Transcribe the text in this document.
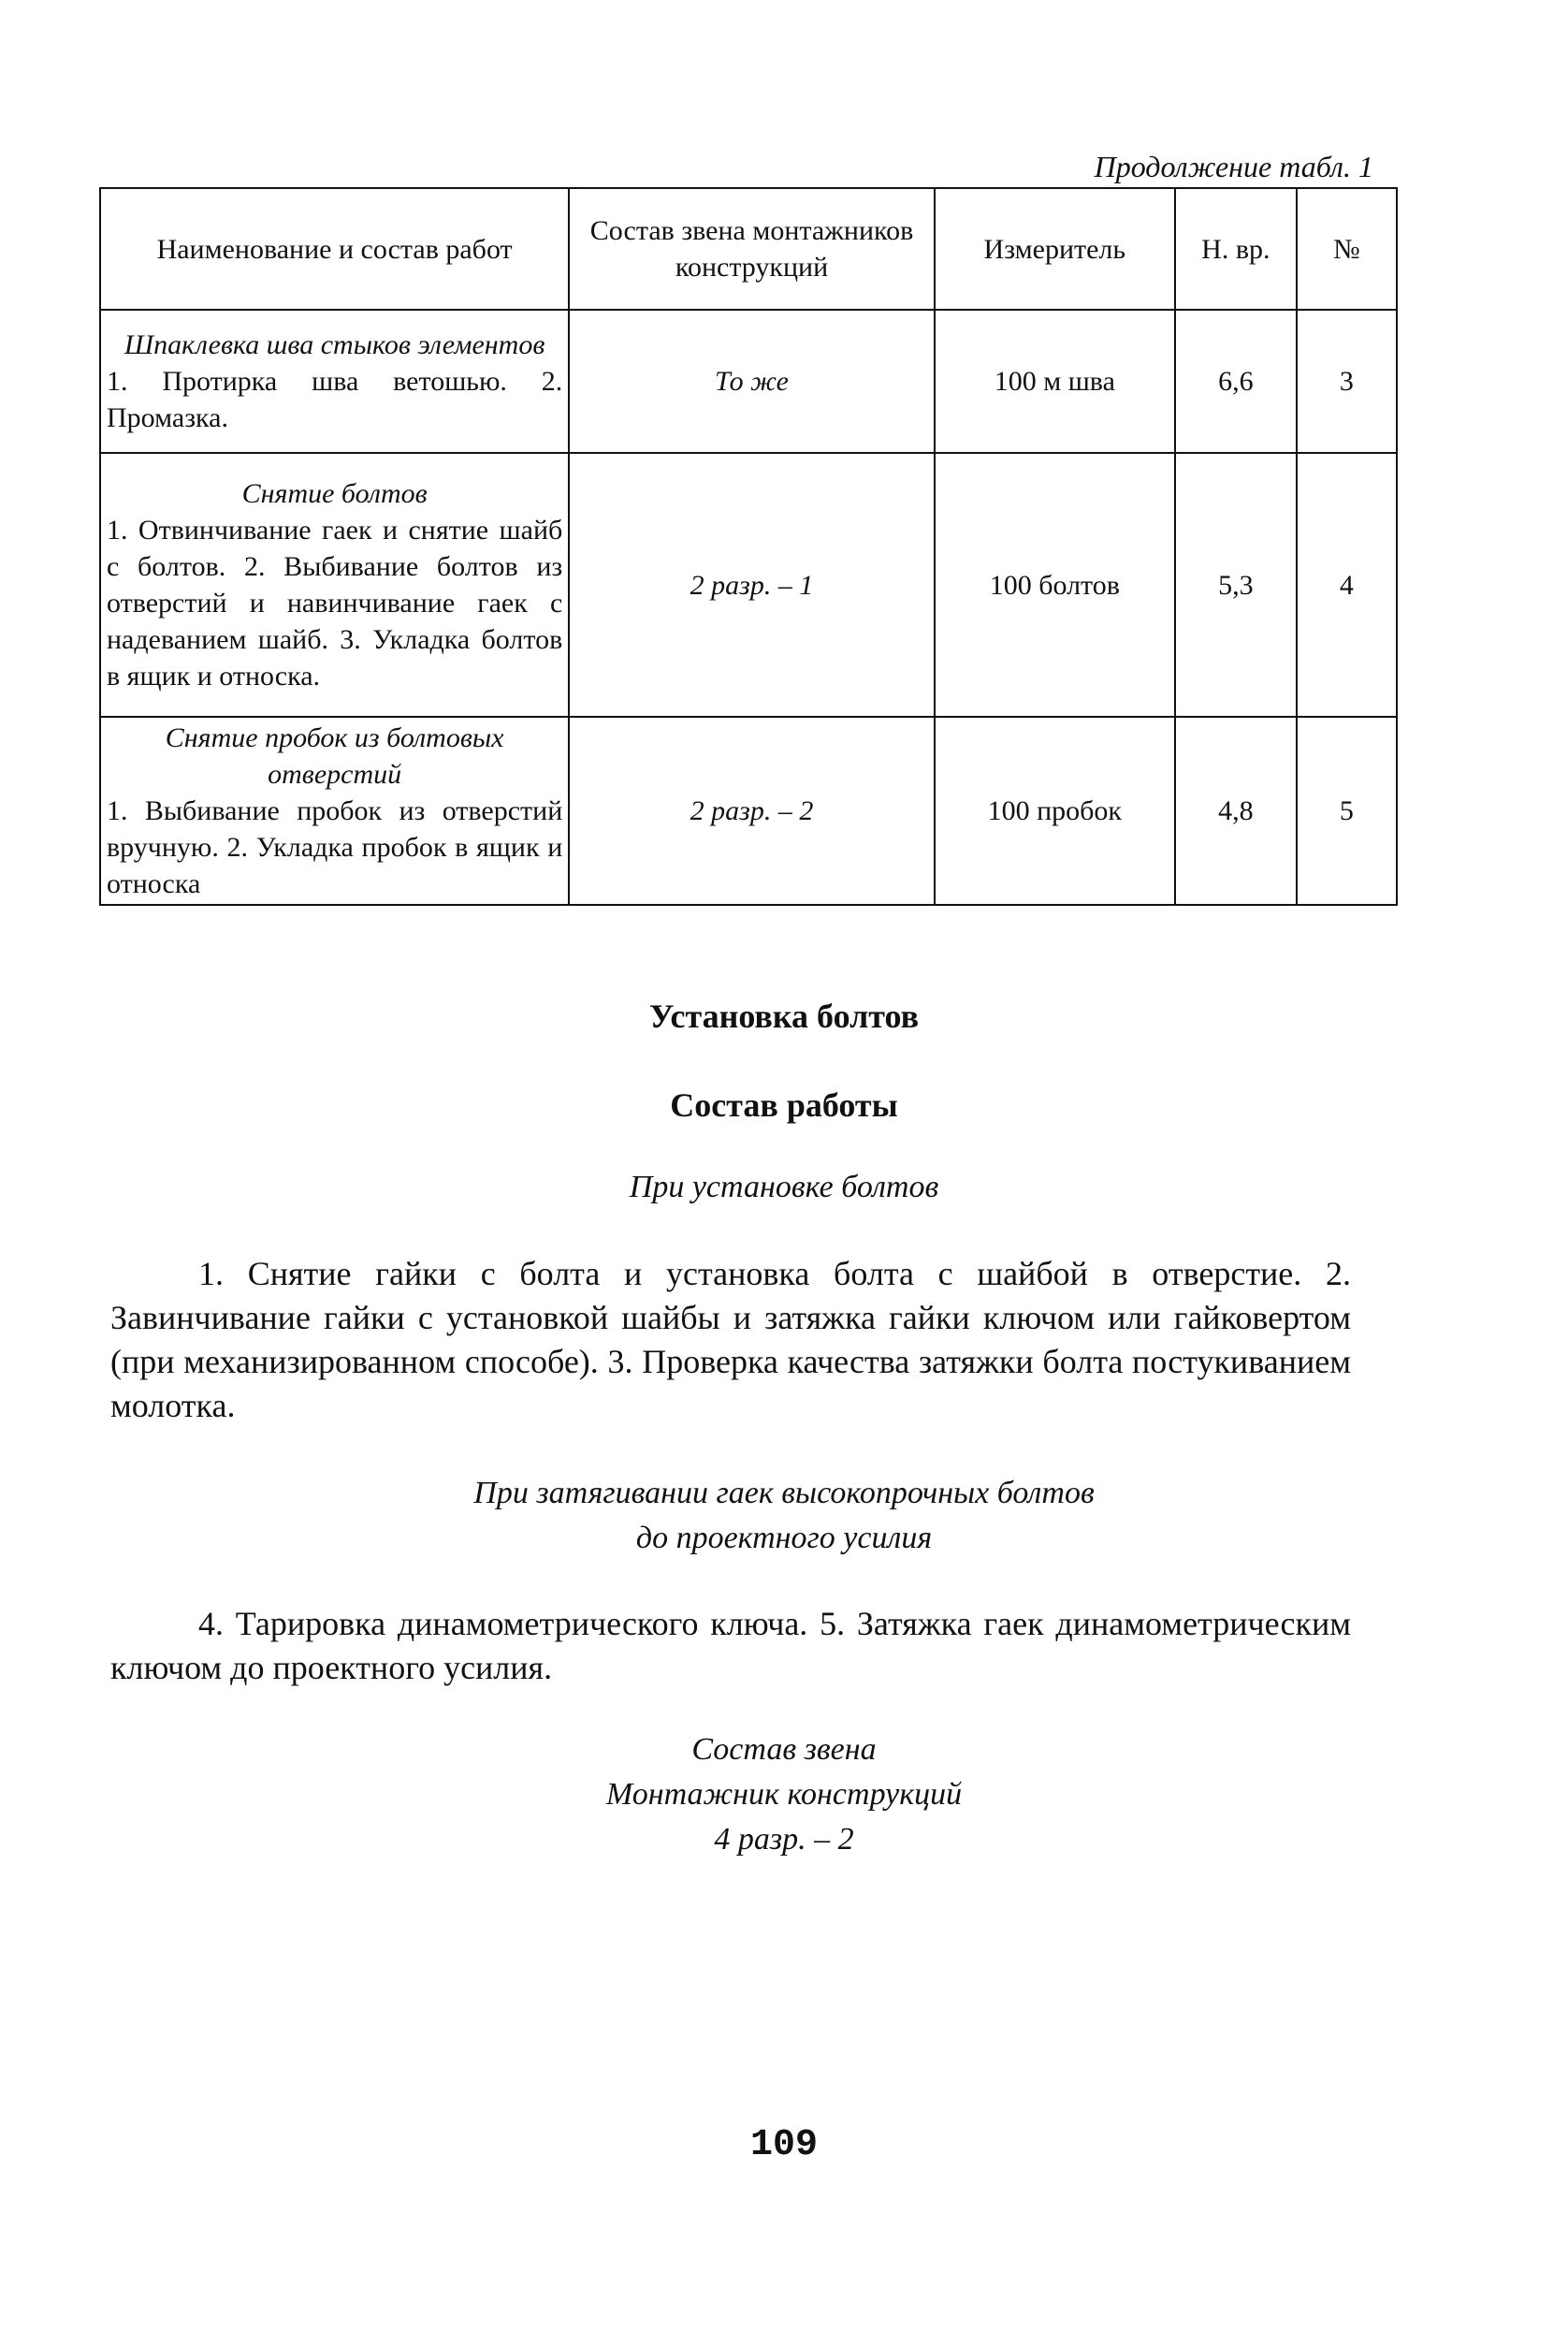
Продолжение табл. 1
Наименование и состав работ	Состав звена монтажников конструкций	Измеритель	Н. вр.	№

Шпаклевка шва стыков элементов
1. Протирка шва ветошью. 2. Промазка.	То же	100 м шва	6,6	3

Снятие болтов
1. Отвинчивание гаек и снятие шайб с болтов. 2. Выбивание болтов из отверстий и навинчивание гаек с надеванием шайб. 3. Укладка болтов в ящик и относка.	2 разр. – 1	100 болтов	5,3	4

Снятие пробок из болтовых отверстий
1. Выбивание пробок из отверстий вручную. 2. Укладка пробок в ящик и относка	2 разр. – 2	100 пробок	4,8	5
Установка болтов
Состав работы
При установке болтов
1. Снятие гайки с болта и установка болта с шайбой в отверстие. 2. Завинчивание гайки с установкой шайбы и затяжка гайки ключом или гайковертом (при механизированном способе). 3. Проверка качества затяжки болта постукиванием молотка.
При затягивании гаек высокопрочных болтов
до проектного усилия
4. Тарировка динамометрического ключа. 5. Затяжка гаек динамометрическим ключом до проектного усилия.
Состав звена
Монтажник конструкций
4 разр. – 2
109
